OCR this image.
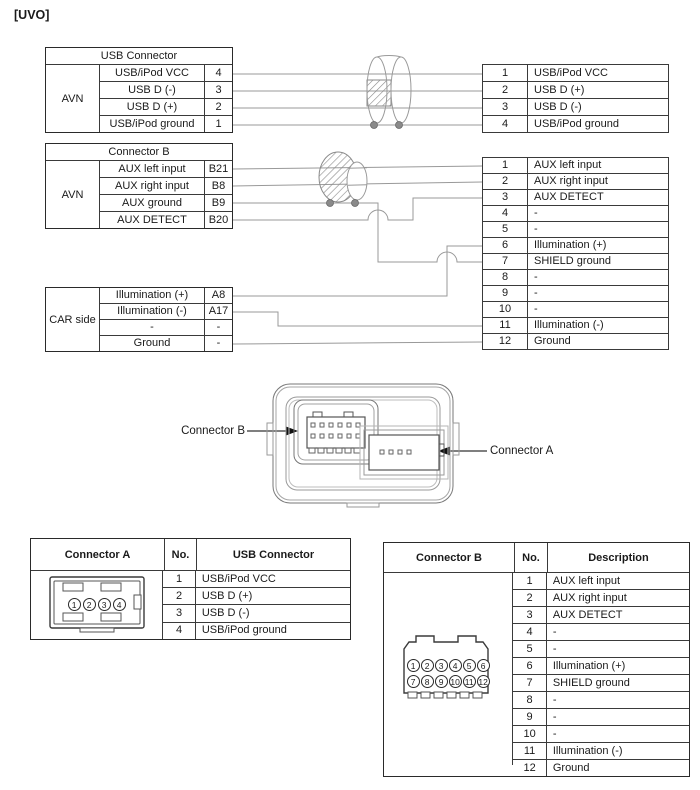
[UVO]
USB Connector
AVN
USB/iPod VCC	4
USB D (-)	3
USB D (+)	2
USB/iPod ground	1
Connector B
AVN
AUX left input	B21
AUX right input	B8
AUX ground	B9
AUX DETECT	B20
CAR side
Illumination (+)	A8
Illumination (-)	A17
-	-
Ground	-
1	USB/iPod VCC
2	USB D (+)
3	USB D (-)
4	USB/iPod ground
1	AUX left input
2	AUX right input
3	AUX DETECT
4	-
5	-
6	Illumination (+)
7	SHIELD ground
8	-
9	-
10	-
11	Illumination (-)
12	Ground
Connector B
Connector A
Connector A	No.	USB Connector
1	2	3	4
1	USB/iPod VCC
2	USB D (+)
3	USB D (-)
4	USB/iPod ground
Connector B	No.	Description
1	2	3	4	5	6
7	8	9 10 11 12
1	AUX left input
2	AUX right input
3	AUX DETECT
4	-
5	-
6	Illumination (+)
7	SHIELD ground
8	-
9	-
10	-
11	Illumination (-)
12	Ground
